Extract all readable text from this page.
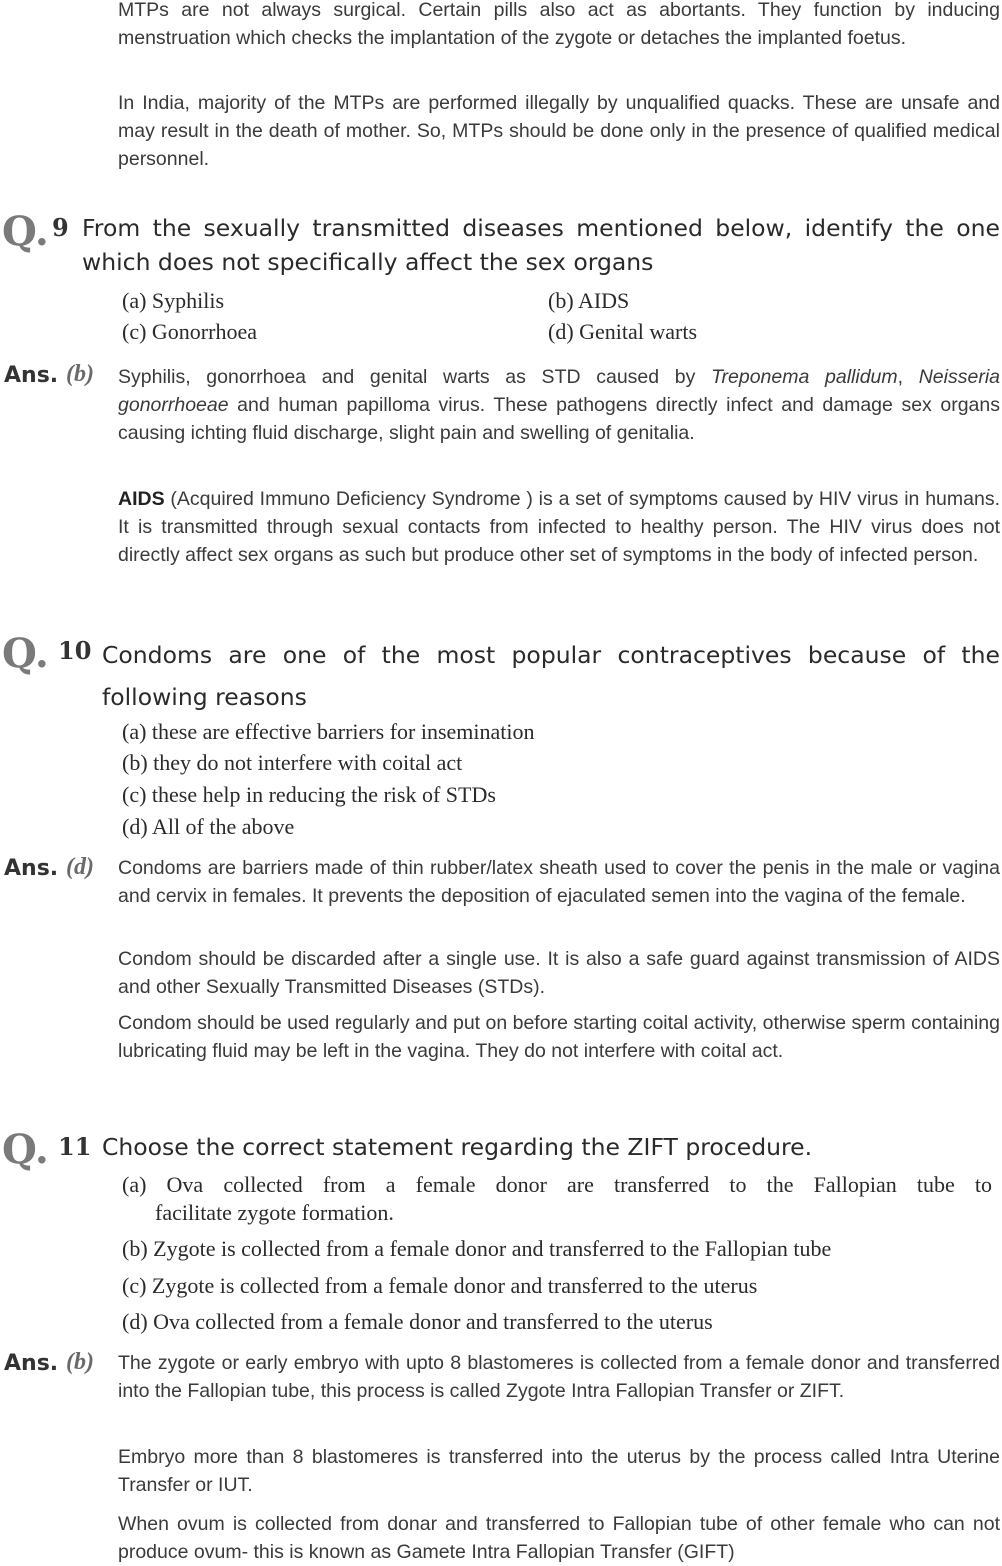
MTPs are not always surgical. Certain pills also act as abortants. They function by inducing menstruation which checks the implantation of the zygote or detaches the implanted foetus.

In India, majority of the MTPs are performed illegally by unqualified quacks. These are unsafe and may result in the death of mother. So, MTPs should be done only in the presence of qualified medical personnel.

Q. 9 From the sexually transmitted diseases mentioned below, identify the one which does not specifically affect the sex organs
(a) Syphilis	(b) AIDS
(c) Gonorrhoea	(d) Genital warts
Ans. (b) Syphilis, gonorrhoea and genital warts as STD caused by Treponema pallidum, Neisseria gonorrhoeae and human papilloma virus. These pathogens directly infect and damage sex organs causing ichting fluid discharge, slight pain and swelling of genitalia.

AIDS (Acquired Immuno Deficiency Syndrome ) is a set of symptoms caused by HIV virus in humans. It is transmitted through sexual contacts from infected to healthy person. The HIV virus does not directly affect sex organs as such but produce other set of symptoms in the body of infected person.

Q. 10 Condoms are one of the most popular contraceptives because of the following reasons
(a) these are effective barriers for insemination
(b) they do not interfere with coital act
(c) these help in reducing the risk of STDs
(d) All of the above
Ans. (d) Condoms are barriers made of thin rubber/latex sheath used to cover the penis in the male or vagina and cervix in females. It prevents the deposition of ejaculated semen into the vagina of the female.

Condom should be discarded after a single use. It is also a safe guard against transmission of AIDS and other Sexually Transmitted Diseases (STDs).

Condom should be used regularly and put on before starting coital activity, otherwise sperm containing lubricating fluid may be left in the vagina. They do not interfere with coital act.

Q. 11 Choose the correct statement regarding the ZIFT procedure.
(a) Ova collected from a female donor are transferred to the Fallopian tube to
facilitate zygote formation.
(b) Zygote is collected from a female donor and transferred to the Fallopian tube
(c) Zygote is collected from a female donor and transferred to the uterus
(d) Ova collected from a female donor and transferred to the uterus
Ans. (b) The zygote or early embryo with upto 8 blastomeres is collected from a female donor and transferred into the Fallopian tube, this process is called Zygote Intra Fallopian Transfer or ZIFT.

Embryo more than 8 blastomeres is transferred into the uterus by the process called Intra Uterine Transfer or IUT.

When ovum is collected from donar and transferred to Fallopian tube of other female who can not produce ovum- this is known as Gamete Intra Fallopian Transfer (GIFT)
